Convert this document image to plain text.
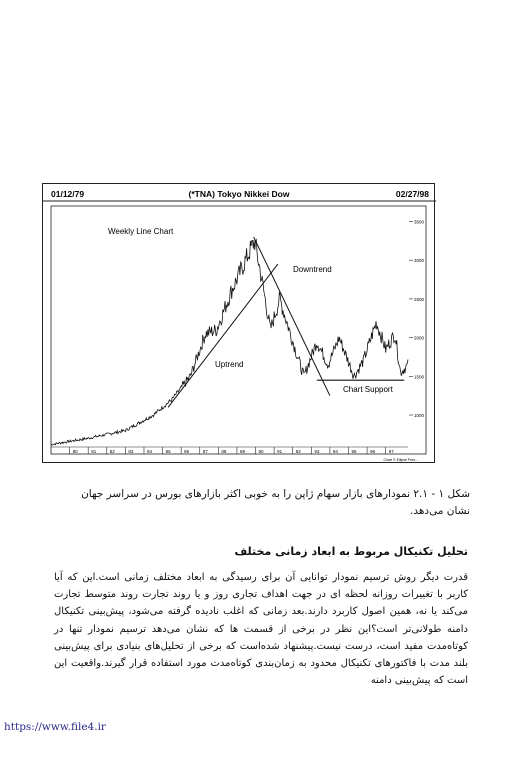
01/12/79	(*TNA) Tokyo Nikkei Dow	02/27/98
Weekly Line Chart
1000
1500
2000
2500
3000
3500
80	81	82	83	84	85	86	87	88	89	90	91	92	93	94	95	96	97
Uptrend
Downtrend
Chart Support
Chart © Ellipse Pres...
شکل ۱ - ۲.۱ نمودارهای بازار سهام ژاپن را به خوبی اکثر بازارهای بورس در سراسر جهان نشان می‌دهد.
تحلیل تکنیکال مربوط به ابعاد زمانی مختلف
قدرت دیگر روش ترسیم نمودار توانایی آن برای رسیدگی به ابعاد مختلف زمانی است.این که آیا کاربر با تغییرات روزانه لحظه ای در جهت اهداف تجاری روز و یا روند تجارت روند متوسط تجارت می‌کند یا نه، همین اصول کاربرد دارند.بعد زمانی که اغلب نادیده گرفته می‌شود، پیش‌بینی تکنیکال دامنه طولانی‌تر است؟این نظر در برخی از قسمت ها که نشان می‌دهد ترسیم نمودار تنها در کوتاه‌مدت مفید است، درست نیست.پیشنهاد شده‌است که برخی از تحلیل‌های بنیادی برای پیش‌بینی بلند مدت با فاکتورهای تکنیکال محدود به زمان‌بندی کوتاه‌مدت مورد استفاده قرار گیرند.واقعیت این است که پیش‌بینی دامنه
https://www.file4.ir
